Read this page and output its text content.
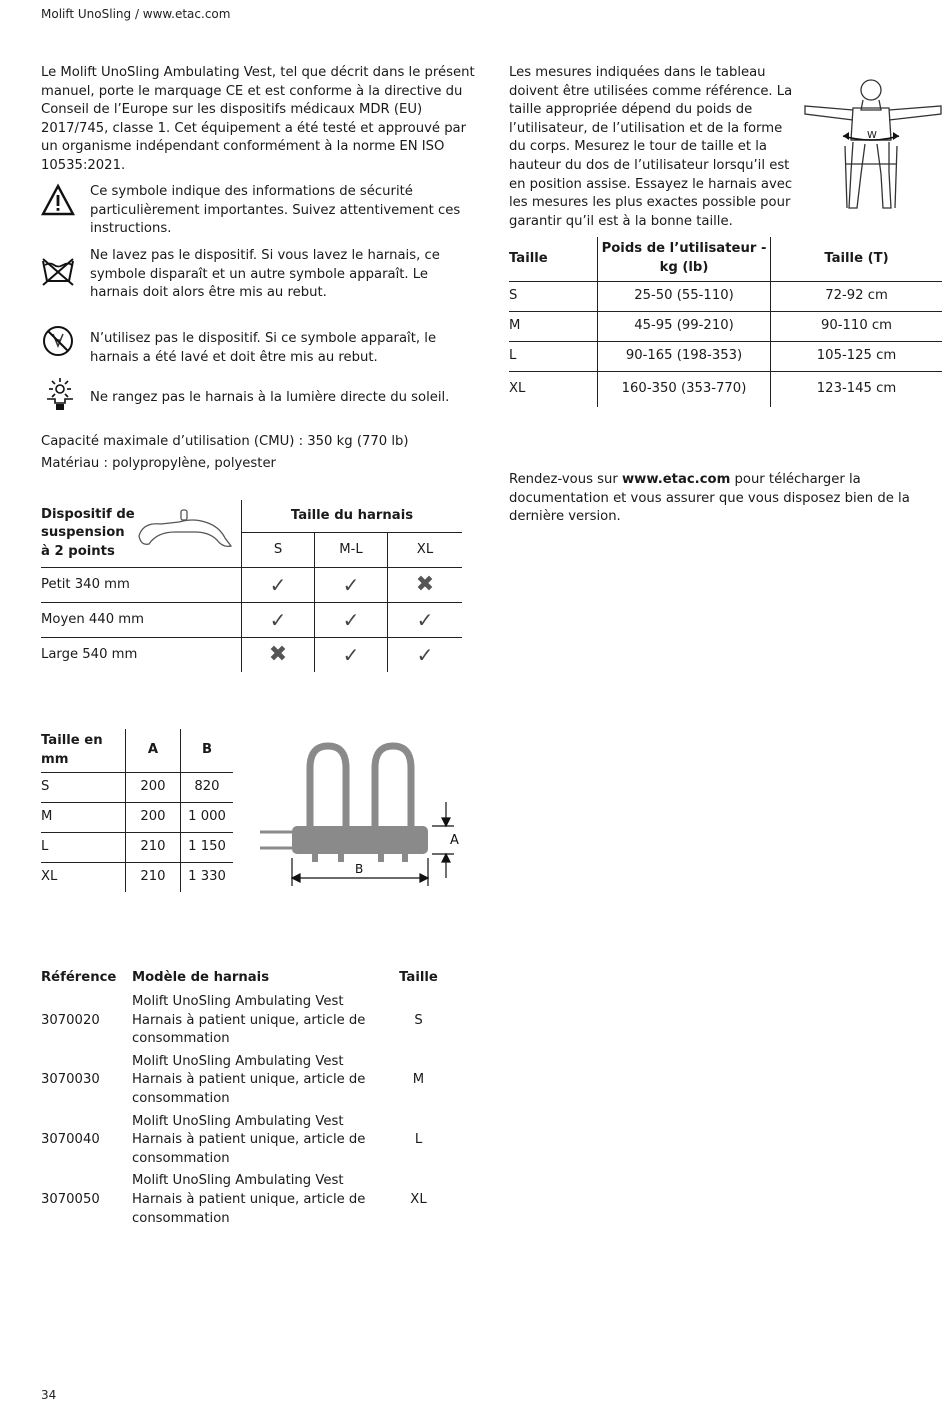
Molift UnoSling / www.etac.com

Le Molift UnoSling Ambulating Vest, tel que décrit dans le présent manuel, porte le marquage CE et est conforme à la directive du Conseil de l’Europe sur les dispositifs médicaux MDR (EU) 2017/745, classe 1. Cet équipement a été testé et approuvé par un organisme indépendant conformément à la norme EN ISO 10535:2021.

Ce symbole indique des informations de sécurité particulièrement importantes. Suivez attentivement ces instructions.

Ne lavez pas le dispositif. Si vous lavez le harnais, ce symbole disparaît et un autre symbole apparaît. Le harnais doit alors être mis au rebut.

N’utilisez pas le dispositif. Si ce symbole apparaît, le harnais a été lavé et doit être mis au rebut.

Ne rangez pas le harnais à la lumière directe du soleil.

Capacité maximale d’utilisation (CMU) : 350 kg (770 lb)

Matériau : polypropylène, polyester

Les mesures indiquées dans le tableau doivent être utilisées comme référence. La taille appropriée dépend du poids de l’utilisateur, de l’utilisation et de la forme du corps. Mesurez le tour de taille et la hauteur du dos de l’utilisateur lorsqu’il est en position assise. Essayez le harnais avec les mesures les plus exactes possible pour garantir qu’il est à la bonne taille.

W
Taille	Poids de l’utilisateur - kg (lb)	Taille (T)
S	25-50 (55-110)	72-92 cm
M	45-95 (99-210)	90-110 cm
L	90-165 (198-353)	105-125 cm
XL	160-350 (353-770)	123-145 cm

Rendez-vous sur www.etac.com pour télécharger la documentation et vous assurer que vous disposez bien de la dernière version.

Dispositif de suspension à 2 points	Taille du harnais		
	S	M-L	XL
Petit 340 mm	✓	✓	✖
Moyen 440 mm	✓	✓	✓
Large 540 mm	✖	✓	✓
Taille en mm	A	B
S	200	820
M	200	1 000
L	210	1 150
XL	210	1 330
A
B
Référence	Modèle de harnais	Taille
3070020	Molift UnoSling Ambulating Vest Harnais à patient unique, article de consommation	S
3070030	Molift UnoSling Ambulating Vest Harnais à patient unique, article de consommation	M
3070040	Molift UnoSling Ambulating Vest Harnais à patient unique, article de consommation	L
3070050	Molift UnoSling Ambulating Vest Harnais à patient unique, article de consommation	XL
34
